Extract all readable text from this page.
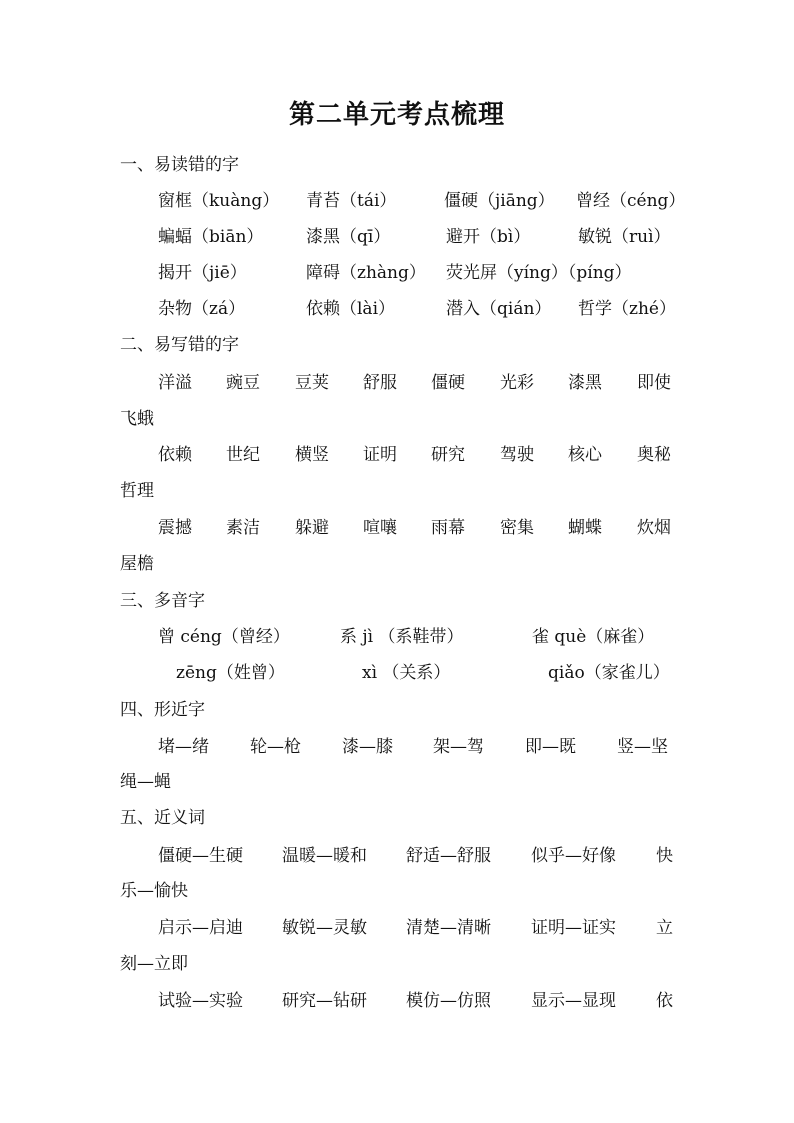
第二单元考点梳理
一、易读错的字
窗框（kuàng） 青苔（tái）	僵硬（jiāng） 曾经（céng）
蝙蝠（biān）	漆黑（qī）	避开（bì）	敏锐（ruì）
揭开（jiē）	障碍（zhàng） 荧光屏（yíng）（píng）
杂物（zá）	依赖（lài）	潜入（qián） 哲学（zhé）
二、易写错的字
洋溢 豌豆 豆荚 舒服 僵硬 光彩 漆黑 即使
飞蛾
依赖 世纪 横竖 证明 研究 驾驶 核心 奥秘
哲理
震撼 素洁 躲避 喧嚷 雨幕 密集 蝴蝶 炊烟
屋檐
三、多音字
曾 céng（曾经）	系 jì （系鞋带）	雀 què（麻雀）
zēng（姓曾）	xì （关系）	qiǎo（家雀儿）
四、形近字
堵—绪 轮—枪 漆—膝 架—驾 即—既 竖—坚
绳—蝇
五、近义词
僵硬—生硬 温暖—暖和 舒适—舒服 似乎—好像 快
乐—愉快
启示—启迪 敏锐—灵敏 清楚—清晰 证明—证实 立
刻—立即
试验—实验 研究—钻研 模仿—仿照 显示—显现 依
